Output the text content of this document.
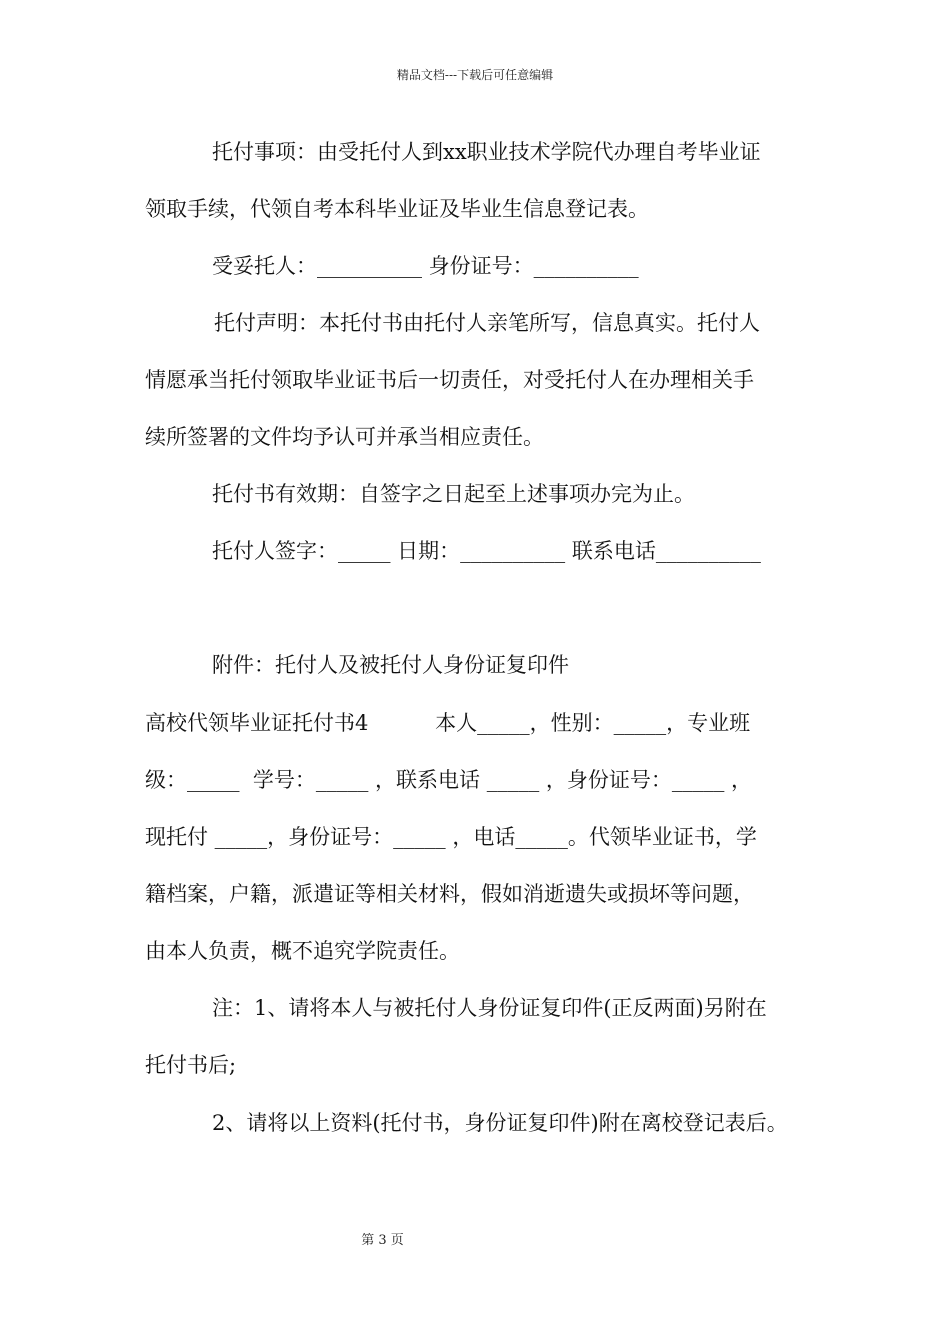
精品文档---下载后可任意编辑
托付事项：由受托付人到xx职业技术学院代办理自考毕业证
领取手续，代领自考本科毕业证及毕业生信息登记表。
受妥托人：__________ 身份证号：__________
托付声明：本托付书由托付人亲笔所写，信息真实。托付人
情愿承当托付领取毕业证书后一切责任，对受托付人在办理相关手
续所签署的文件均予认可并承当相应责任。
托付书有效期：自签字之日起至上述事项办完为止。
托付人签字：_____ 日期：__________ 联系电话__________
附件：托付人及被托付人身份证复印件
高校代领毕业证托付书4          本人_____，性别：_____，专业班
级：_____  学号：_____ ，联系电话 _____ ，身份证号：_____ ，
现托付 _____，身份证号：_____ ，电话_____。代领毕业证书，学
籍档案，户籍，派遣证等相关材料，假如消逝遗失或损坏等问题，
由本人负责，概不追究学院责任。
注：1、请将本人与被托付人身份证复印件(正反两面)另附在
托付书后;
2、请将以上资料(托付书，身份证复印件)附在离校登记表后。
第 3 页
